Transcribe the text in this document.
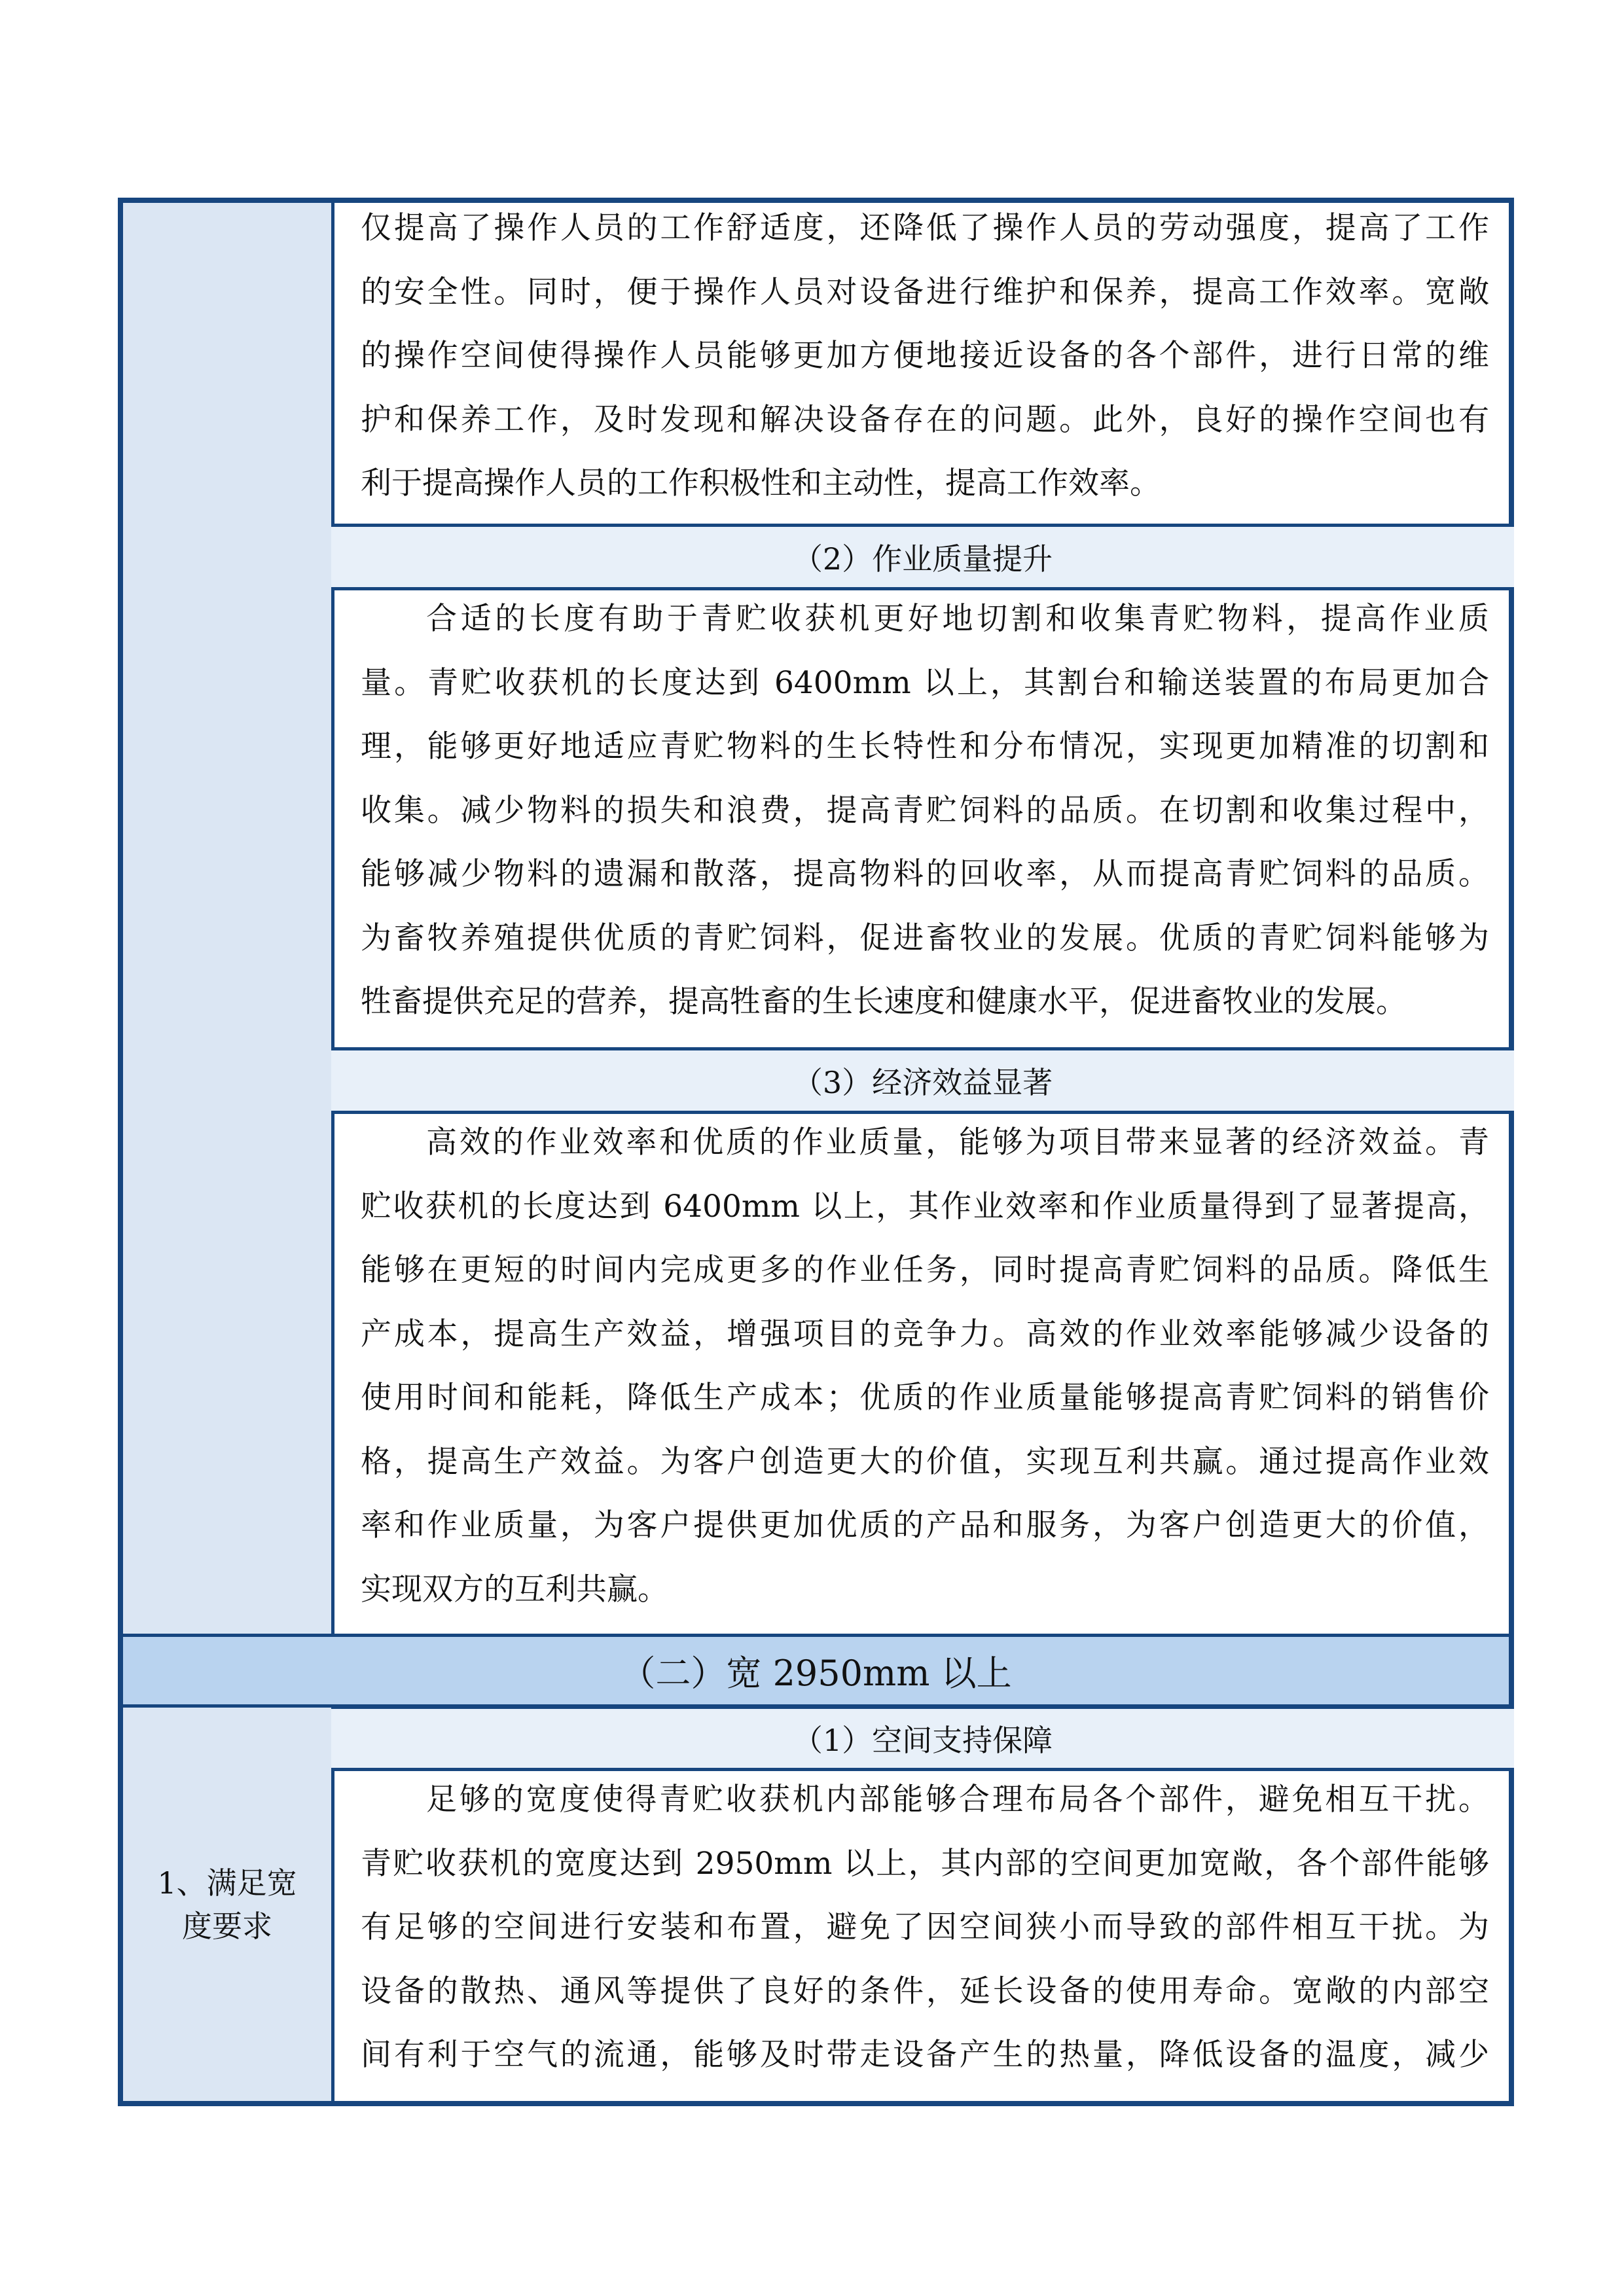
仅提高了操作人员的工作舒适度，还降低了操作人员的劳动强度，提高了工作
的安全性。同时，便于操作人员对设备进行维护和保养，提高工作效率。宽敞
的操作空间使得操作人员能够更加方便地接近设备的各个部件，进行日常的维
护和保养工作，及时发现和解决设备存在的问题。此外，良好的操作空间也有
利于提高操作人员的工作积极性和主动性，提高工作效率。
（2）作业质量提升
合适的长度有助于青贮收获机更好地切割和收集青贮物料，提高作业质
量。青贮收获机的长度达到 6400mm 以上，其割台和输送装置的布局更加合
理，能够更好地适应青贮物料的生长特性和分布情况，实现更加精准的切割和
收集。减少物料的损失和浪费，提高青贮饲料的品质。在切割和收集过程中，
能够减少物料的遗漏和散落，提高物料的回收率，从而提高青贮饲料的品质。
为畜牧养殖提供优质的青贮饲料，促进畜牧业的发展。优质的青贮饲料能够为
牲畜提供充足的营养，提高牲畜的生长速度和健康水平，促进畜牧业的发展。
（3）经济效益显著
高效的作业效率和优质的作业质量，能够为项目带来显著的经济效益。青
贮收获机的长度达到 6400mm 以上，其作业效率和作业质量得到了显著提高，
能够在更短的时间内完成更多的作业任务，同时提高青贮饲料的品质。降低生
产成本，提高生产效益，增强项目的竞争力。高效的作业效率能够减少设备的
使用时间和能耗，降低生产成本；优质的作业质量能够提高青贮饲料的销售价
格，提高生产效益。为客户创造更大的价值，实现互利共赢。通过提高作业效
率和作业质量，为客户提供更加优质的产品和服务，为客户创造更大的价值，
实现双方的互利共赢。
（二）宽 2950mm 以上
1、满足宽
度要求
（1）空间支持保障
足够的宽度使得青贮收获机内部能够合理布局各个部件，避免相互干扰。
青贮收获机的宽度达到 2950mm 以上，其内部的空间更加宽敞，各个部件能够
有足够的空间进行安装和布置，避免了因空间狭小而导致的部件相互干扰。为
设备的散热、通风等提供了良好的条件，延长设备的使用寿命。宽敞的内部空
间有利于空气的流通，能够及时带走设备产生的热量，降低设备的温度，减少
